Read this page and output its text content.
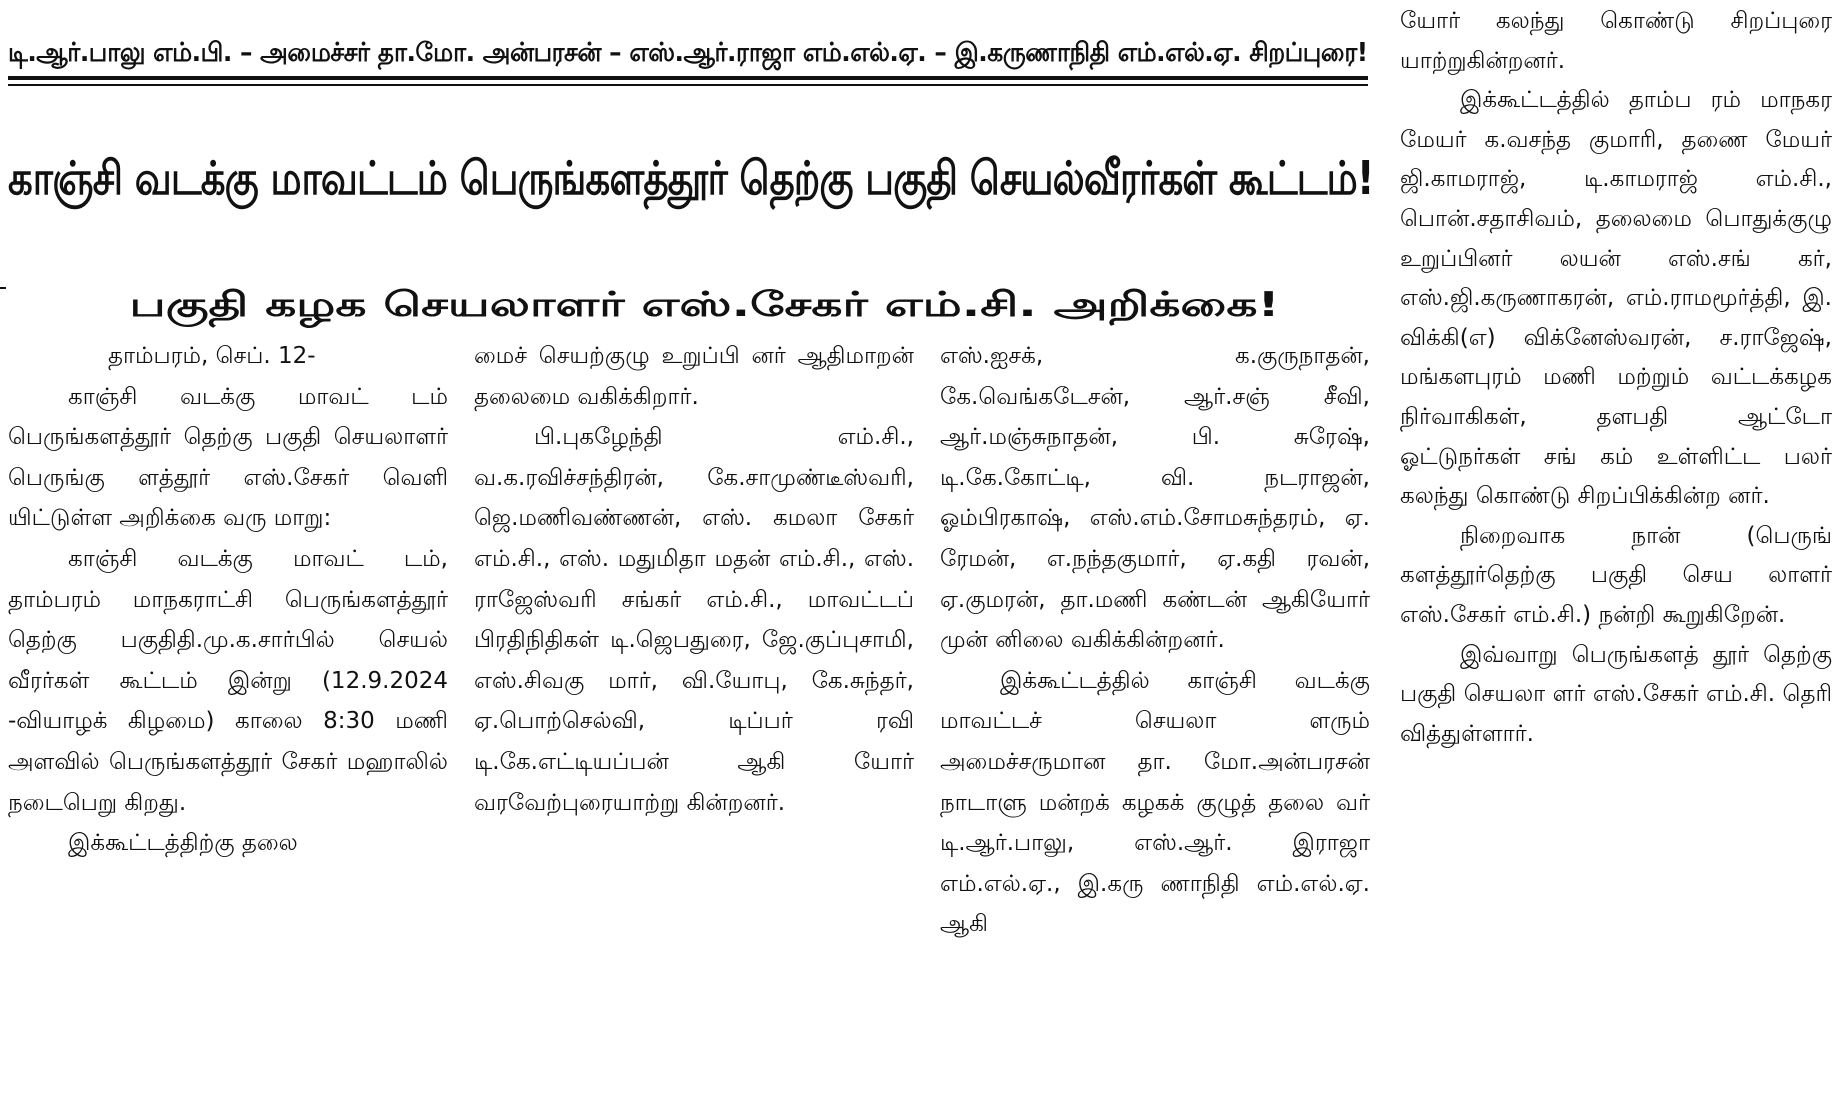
டி.ஆர்.பாலு எம்.பி. – அமைச்சர் தா.மோ. அன்பரசன் – எஸ்.ஆர்.ராஜா எம்.எல்.ஏ. – இ.கருணாநிதி எம்.எல்.ஏ. சிறப்புரை!
காஞ்சி வடக்கு மாவட்டம் பெருங்களத்தூர் தெற்கு பகுதி செயல்வீரர்கள் கூட்டம்!
பகுதி கழக செயலாளர் எஸ்.சேகர் எம்.சி. அறிக்கை!

தாம்பரம், செப். 12-

காஞ்சி வடக்கு மாவட் டம் பெருங்களத்தூர் தெற்கு பகுதி செயலாளர் பெருங்கு ளத்தூர் எஸ்.சேகர் வெளி யிட்டுள்ள அறிக்கை வரு மாறு:

காஞ்சி வடக்கு மாவட் டம், தாம்பரம் மாநகராட்சி பெருங்களத்தூர் தெற்கு பகுதிதி.மு.க.சார்பில் செயல் வீரர்கள் கூட்டம் இன்று (12.9.2024 -வியாழக் கிழமை) காலை 8:30 மணி அளவில் பெருங்களத்தூர் சேகர் மஹாலில் நடைபெறு கிறது.

இக்கூட்டத்திற்கு தலை

மைச் செயற்குழு உறுப்பி னர் ஆதிமாறன் தலைமை வகிக்கிறார்.

பி.புகழேந்தி எம்.சி., வ.க.ரவிச்சந்திரன், கே.சாமுண்டீஸ்வரி, ஜெ.மணிவண்ணன், எஸ். கமலா சேகர் எம்.சி., எஸ். மதுமிதா மதன் எம்.சி., எஸ். ராஜேஸ்வரி சங்கர் எம்.சி., மாவட்டப் பிரதிநிதிகள் டி.ஜெபதுரை, ஜே.குப்புசாமி, எஸ்.சிவகு மார், வி.யோபு, கே.சுந்தர், ஏ.பொற்செல்வி, டிப்பர் ரவி டி.கே.எட்டியப்பன் ஆகி யோர் வரவேற்புரையாற்று கின்றனர்.

எஸ்.ஐசக், க.குருநாதன், கே.வெங்கடேசன், ஆர்.சஞ் சீவி, ஆர்.மஞ்சுநாதன், பி. சுரேஷ், டி.கே.கோட்டி, வி. நடராஜன், ஓம்பிரகாஷ், எஸ்.எம்.சோமசுந்தரம், ஏ. ரேமன், எ.நந்தகுமார், ஏ.கதி ரவன், ஏ.குமரன், தா.மணி கண்டன் ஆகியோர் முன் னிலை வகிக்கின்றனர்.

இக்கூட்டத்தில் காஞ்சி வடக்கு மாவட்டச் செயலா ளரும் அமைச்சருமான தா. மோ.அன்பரசன் நாடாளு மன்றக் கழகக் குழுத் தலை வர் டி.ஆர்.பாலு, எஸ்.ஆர். இராஜா எம்.எல்.ஏ., இ.கரு ணாநிதி எம்.எல்.ஏ. ஆகி

யோர் கலந்து கொண்டு சிறப்புரை யாற்றுகின்றனர்.

இக்கூட்டத்தில் தாம்ப ரம் மாநகர மேயர் க.வசந்த குமாரி, தணை மேயர் ஜி.காமராஜ், டி.காமராஜ் எம்.சி., பொன்.சதாசிவம், தலைமை பொதுக்குழு உறுப்பினர் லயன் எஸ்.சங் கர், எஸ்.ஜி.கருணாகரன், எம்.ராமமூர்த்தி, இ. விக்கி(எ) விக்னேஸ்வரன், ச.ராஜேஷ், மங்களபுரம் மணி மற்றும் வட்டக்கழக நிர்வாகிகள், தளபதி ஆட்டோ ஓட்டுநர்கள் சங் கம் உள்ளிட்ட பலர் கலந்து கொண்டு சிறப்பிக்கின்ற னர்.

நிறைவாக நான் (பெருங் களத்தூர்தெற்கு பகுதி செய லாளர் எஸ்.சேகர் எம்.சி.) நன்றி கூறுகிறேன்.

இவ்வாறு பெருங்களத் தூர் தெற்கு பகுதி செயலா ளர் எஸ்.சேகர் எம்.சி. தெரி வித்துள்ளார்.
